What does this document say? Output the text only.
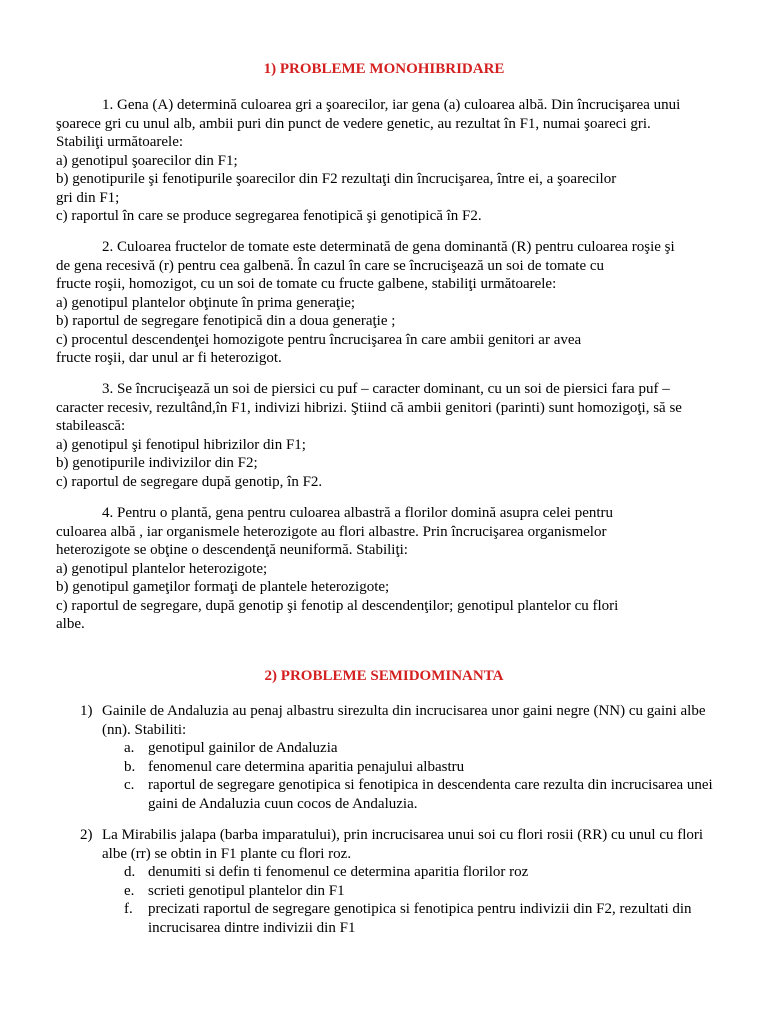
1) PROBLEME MONOHIBRIDARE

1. Gena (A) determină culoarea gri a şoarecilor, iar gena (a) culoarea albă. Din încrucişarea unui

şoarece gri cu unul alb, ambii puri din punct de vedere genetic, au rezultat în F1, numai şoareci gri.

Stabiliţi următoarele:

a) genotipul şoarecilor din F1;

b) genotipurile şi fenotipurile şoarecilor din F2 rezultaţi din încrucişarea, între ei, a şoarecilor

gri din F1;

c) raportul în care se produce segregarea fenotipică şi genotipică în F2.

2. Culoarea fructelor de tomate este determinată de gena dominantă (R) pentru culoarea roşie şi

de gena recesivă (r) pentru cea galbenă. În cazul în care se încrucişează un soi de tomate cu

fructe roşii, homozigot, cu un soi de tomate cu fructe galbene, stabiliţi următoarele:

a) genotipul plantelor obţinute în prima generaţie;

b) raportul de segregare fenotipică din a doua generaţie ;

c) procentul descendenţei homozigote pentru încrucişarea în care ambii genitori ar avea

fructe roşii, dar unul ar fi heterozigot.

3. Se încrucişează un soi de piersici cu puf – caracter dominant, cu un soi de piersici fara puf –

caracter recesiv, rezultând,în F1, indivizi hibrizi. Ştiind că ambii genitori (parinti) sunt homozigoţi, să se

stabilească:

a) genotipul şi fenotipul hibrizilor din F1;

b) genotipurile indivizilor din F2;

c) raportul de segregare după genotip, în F2.

4. Pentru o plantă, gena pentru culoarea albastră a florilor domină asupra celei pentru

culoarea albă , iar organismele heterozigote au flori albastre. Prin încrucişarea organismelor

heterozigote se obţine o descendenţă neuniformă. Stabiliţi:

a) genotipul plantelor heterozigote;

b) genotipul gameţilor formaţi de plantele heterozigote;

c) raportul de segregare, după genotip şi fenotip al descendenţilor; genotipul plantelor cu flori

albe.

2) PROBLEME SEMIDOMINANTA
1) Gainile de Andaluzia au penaj albastru sirezulta din incrucisarea unor gaini negre (NN) cu gaini albe
(nn). Stabiliti:
a. genotipul gainilor de Andaluzia
b. fenomenul care determina aparitia penajului albastru
c. raportul de segregare genotipica si fenotipica in descendenta care rezulta din incrucisarea unei
gaini de Andaluzia cuun cocos de Andaluzia.
2) La Mirabilis jalapa (barba imparatului), prin incrucisarea unui soi cu flori rosii (RR) cu unul cu flori
albe (rr) se obtin in F1 plante cu flori roz.
d. denumiti si defin ti fenomenul ce determina aparitia florilor roz
e. scrieti genotipul plantelor din F1
f. precizati raportul de segregare genotipica si fenotipica pentru indivizii din F2, rezultati din
incrucisarea dintre indivizii din F1
